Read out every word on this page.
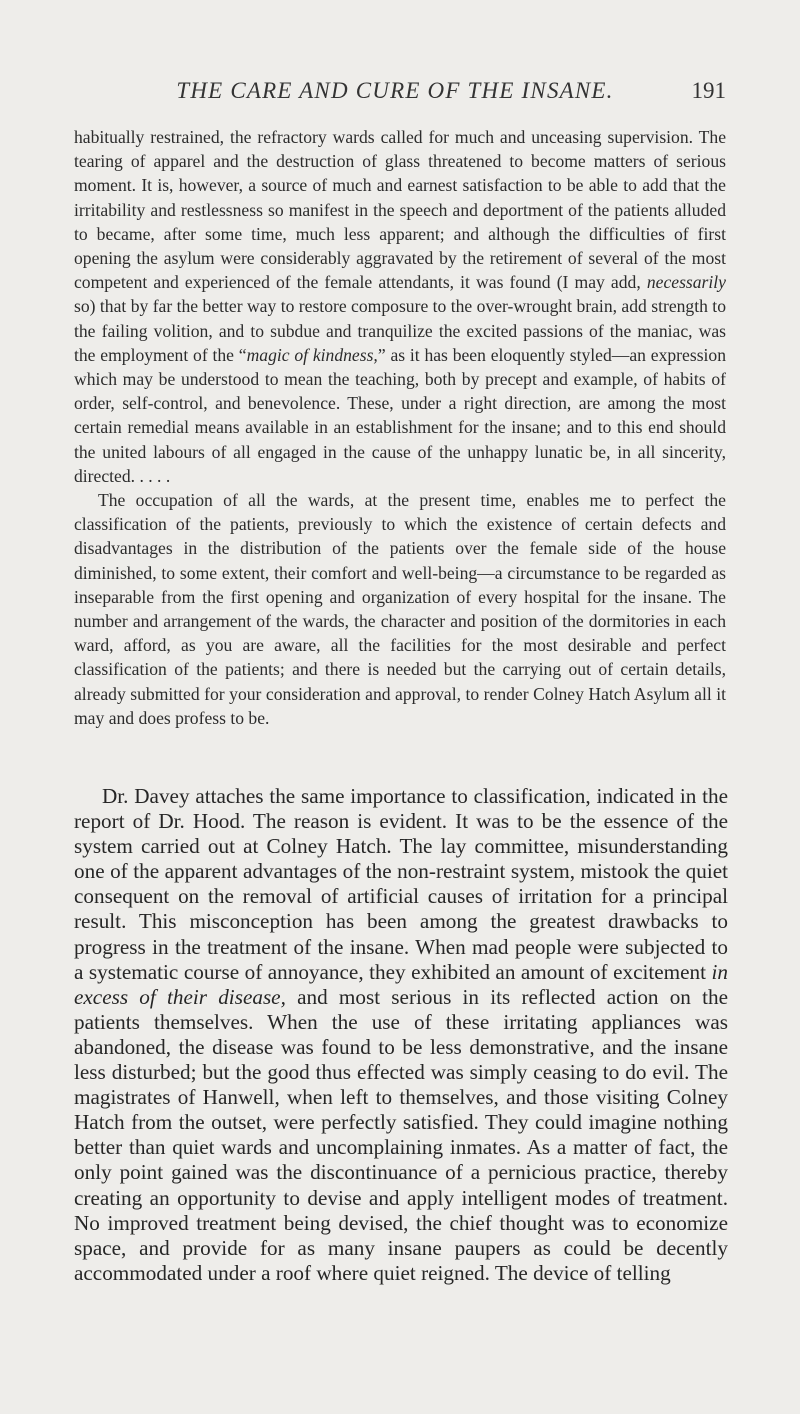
THE CARE AND CURE OF THE INSANE.	191

habitually restrained, the refractory wards called for much and unceasing supervision. The tearing of apparel and the destruction of glass threatened to become matters of serious moment. It is, however, a source of much and earnest satisfaction to be able to add that the irritability and restlessness so manifest in the speech and deportment of the patients alluded to became, after some time, much less apparent; and although the difficulties of first opening the asylum were considerably aggravated by the retirement of several of the most competent and experienced of the female attendants, it was found (I may add, necessarily so) that by far the better way to restore composure to the over-wrought brain, add strength to the failing volition, and to subdue and tranquilize the excited passions of the maniac, was the employment of the “magic of kindness,” as it has been eloquently styled—an expression which may be understood to mean the teaching, both by precept and example, of habits of order, self-control, and benevolence. These, under a right direction, are among the most certain remedial means available in an establishment for the insane; and to this end should the united labours of all engaged in the cause of the unhappy lunatic be, in all sincerity, directed. . . . .

The occupation of all the wards, at the present time, enables me to perfect the classification of the patients, previously to which the existence of certain defects and disadvantages in the distribution of the patients over the female side of the house diminished, to some extent, their comfort and well-being—a circumstance to be regarded as inseparable from the first opening and organization of every hospital for the insane. The number and arrangement of the wards, the character and position of the dormitories in each ward, afford, as you are aware, all the facilities for the most desirable and perfect classification of the patients; and there is needed but the carrying out of certain details, already submitted for your consideration and approval, to render Colney Hatch Asylum all it may and does profess to be.

Dr. Davey attaches the same importance to classification, indicated in the report of Dr. Hood. The reason is evident. It was to be the essence of the system carried out at Colney Hatch. The lay committee, misunderstanding one of the apparent advantages of the non-restraint system, mistook the quiet consequent on the removal of artificial causes of irritation for a principal result. This misconception has been among the greatest drawbacks to progress in the treatment of the insane. When mad people were subjected to a systematic course of annoyance, they exhibited an amount of excitement in excess of their disease, and most serious in its reflected action on the patients themselves. When the use of these irritating appliances was abandoned, the disease was found to be less demonstrative, and the insane less disturbed; but the good thus effected was simply ceasing to do evil. The magistrates of Hanwell, when left to themselves, and those visiting Colney Hatch from the outset, were perfectly satisfied. They could imagine nothing better than quiet wards and uncomplaining inmates. As a matter of fact, the only point gained was the discontinuance of a pernicious practice, thereby creating an opportunity to devise and apply intelligent modes of treatment. No improved treatment being devised, the chief thought was to economize space, and provide for as many insane paupers as could be decently accommodated under a roof where quiet reigned. The device of telling
